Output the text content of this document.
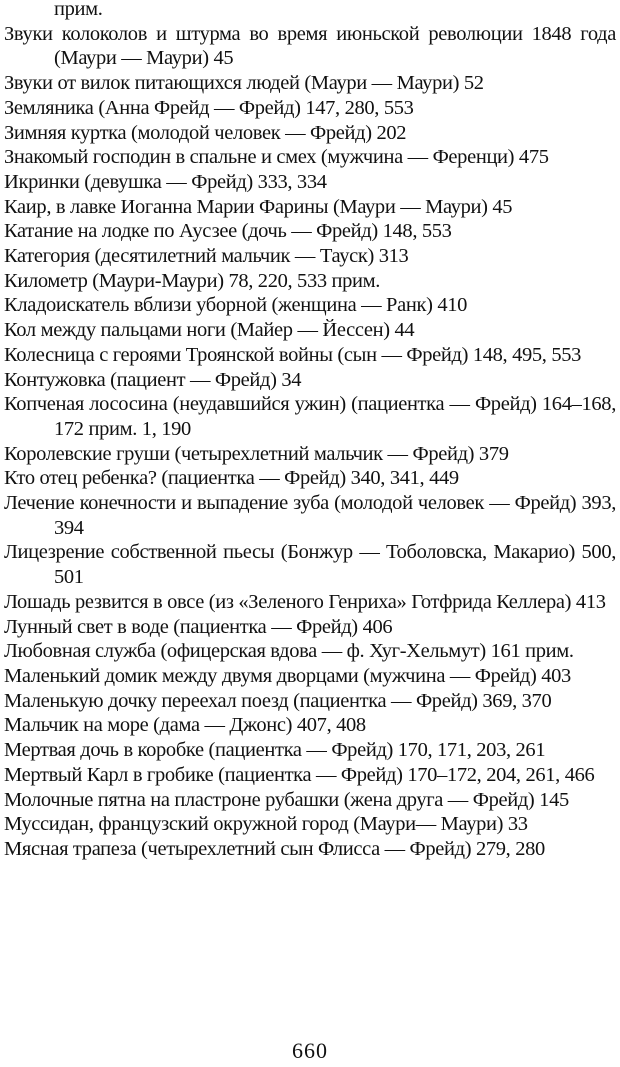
прим.
Звуки колоколов и штурма во время июньской революции 1848 года (Маури — Маури) 45
Звуки от вилок питающихся людей (Маури — Маури) 52
Земляника (Анна Фрейд — Фрейд) 147, 280, 553
Зимняя куртка (молодой человек — Фрейд) 202
Знакомый господин в спальне и смех (мужчина — Ференци) 475
Икринки (девушка — Фрейд) 333, 334
Каир, в лавке Иоганна Марии Фарины (Маури — Маури) 45
Катание на лодке по Аусзее (дочь — Фрейд) 148, 553
Категория (десятилетний мальчик — Тауск) 313
Километр (Маури-Маури) 78, 220, 533 прим.
Кладоискатель вблизи уборной (женщина — Ранк) 410
Кол между пальцами ноги (Майер — Йессен) 44
Колесница с героями Троянской войны (сын — Фрейд) 148, 495, 553
Контужовка (пациент — Фрейд) 34
Копченая лососина (неудавшийся ужин) (пациентка — Фрейд) 164–168, 172 прим. 1, 190
Королевские груши (четырехлетний мальчик — Фрейд) 379
Кто отец ребенка? (пациентка — Фрейд) 340, 341, 449
Лечение конечности и выпадение зуба (молодой человек — Фрейд) 393, 394
Лицезрение собственной пьесы (Бонжур — Тоболовска, Макарио) 500, 501
Лошадь резвится в овсе (из «Зеленого Генриха» Готфрида Келлера) 413
Лунный свет в воде (пациентка — Фрейд) 406
Любовная служба (офицерская вдова — ф. Хуг-Хельмут) 161 прим.
Маленький домик между двумя дворцами (мужчина — Фрейд) 403
Маленькую дочку переехал поезд (пациентка — Фрейд) 369, 370
Мальчик на море (дама — Джонс) 407, 408
Мертвая дочь в коробке (пациентка — Фрейд) 170, 171, 203, 261
Мертвый Карл в гробике (пациентка — Фрейд) 170–172, 204, 261, 466
Молочные пятна на пластроне рубашки (жена друга — Фрейд) 145
Муссидан, французский окружной город (Маури— Маури) 33
Мясная трапеза (четырехлетний сын Флисса — Фрейд) 279, 280
660
